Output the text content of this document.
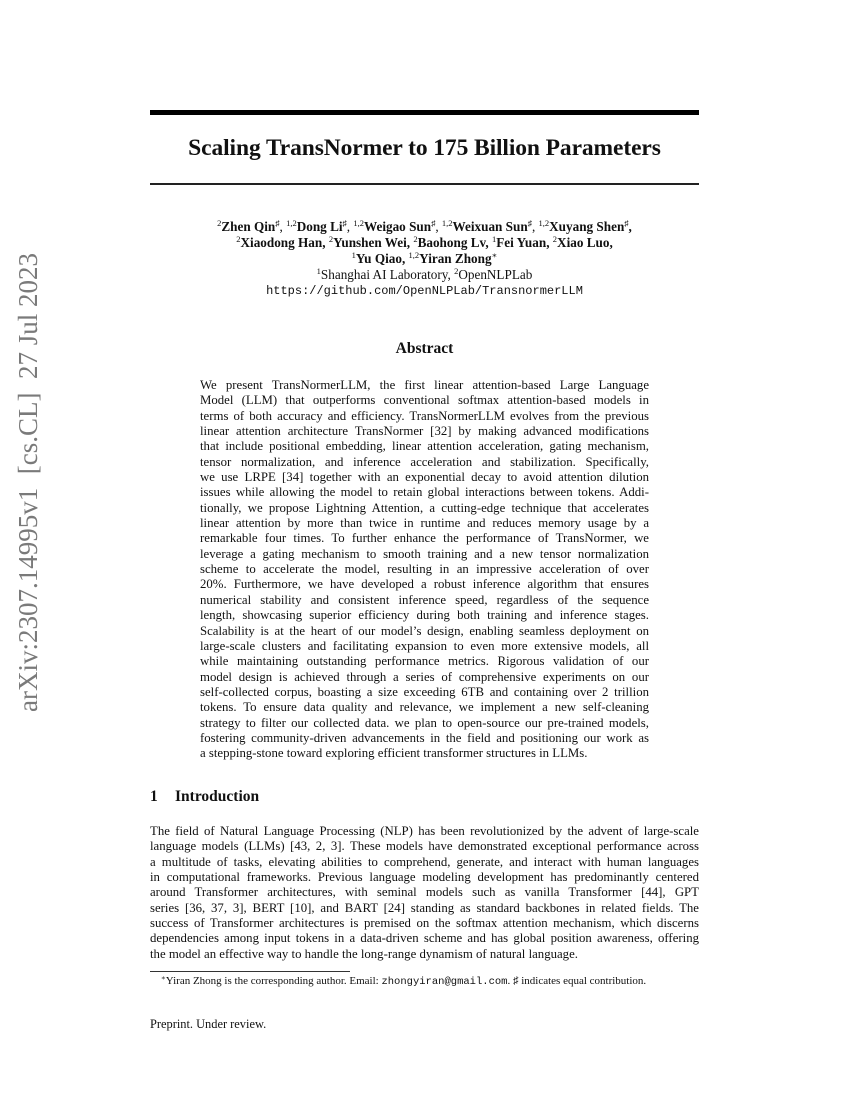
arXiv:2307.14995v1  [cs.CL]  27 Jul 2023
Scaling TransNormer to 175 Billion Parameters
$^2$Zhen Qin♯, $^{1,2}$Dong Li♯, $^{1,2}$Weigao Sun♯, $^{1,2}$Weixuan Sun♯, $^{1,2}$Xuyang Shen♯,
$^2$Xiaodong Han, $^2$Yunshen Wei, $^2$Baohong Lv, $^1$Fei Yuan, $^2$Xiao Luo,
$^1$Yu Qiao, $^{1,2}$Yiran Zhong∗
$^1$Shanghai AI Laboratory, $^2$OpenNLPLab
https://github.com/OpenNLPLab/TransnormerLLM
Abstract
We present TransNormerLLM, the first linear attention-based Large Language
Model (LLM) that outperforms conventional softmax attention-based models in
terms of both accuracy and efficiency. TransNormerLLM evolves from the previous
linear attention architecture TransNormer [32] by making advanced modifications
that include positional embedding, linear attention acceleration, gating mechanism,
tensor normalization, and inference acceleration and stabilization. Specifically,
we use LRPE [34] together with an exponential decay to avoid attention dilution
issues while allowing the model to retain global interactions between tokens. Addi-
tionally, we propose Lightning Attention, a cutting-edge technique that accelerates
linear attention by more than twice in runtime and reduces memory usage by a
remarkable four times. To further enhance the performance of TransNormer, we
leverage a gating mechanism to smooth training and a new tensor normalization
scheme to accelerate the model, resulting in an impressive acceleration of over
20%. Furthermore, we have developed a robust inference algorithm that ensures
numerical stability and consistent inference speed, regardless of the sequence
length, showcasing superior efficiency during both training and inference stages.
Scalability is at the heart of our model’s design, enabling seamless deployment on
large-scale clusters and facilitating expansion to even more extensive models, all
while maintaining outstanding performance metrics. Rigorous validation of our
model design is achieved through a series of comprehensive experiments on our
self-collected corpus, boasting a size exceeding 6TB and containing over 2 trillion
tokens. To ensure data quality and relevance, we implement a new self-cleaning
strategy to filter our collected data. we plan to open-source our pre-trained models,
fostering community-driven advancements in the field and positioning our work as
a stepping-stone toward exploring efficient transformer structures in LLMs.
1 Introduction
The field of Natural Language Processing (NLP) has been revolutionized by the advent of large-scale
language models (LLMs) [43, 2, 3]. These models have demonstrated exceptional performance across
a multitude of tasks, elevating abilities to comprehend, generate, and interact with human languages
in computational frameworks. Previous language modeling development has predominantly centered
around Transformer architectures, with seminal models such as vanilla Transformer [44], GPT
series [36, 37, 3], BERT [10], and BART [24] standing as standard backbones in related fields. The
success of Transformer architectures is premised on the softmax attention mechanism, which discerns
dependencies among input tokens in a data-driven scheme and has global position awareness, offering
the model an effective way to handle the long-range dynamism of natural language.
∗Yiran Zhong is the corresponding author. Email: zhongyiran@gmail.com. ♯ indicates equal contribution.
Preprint. Under review.
